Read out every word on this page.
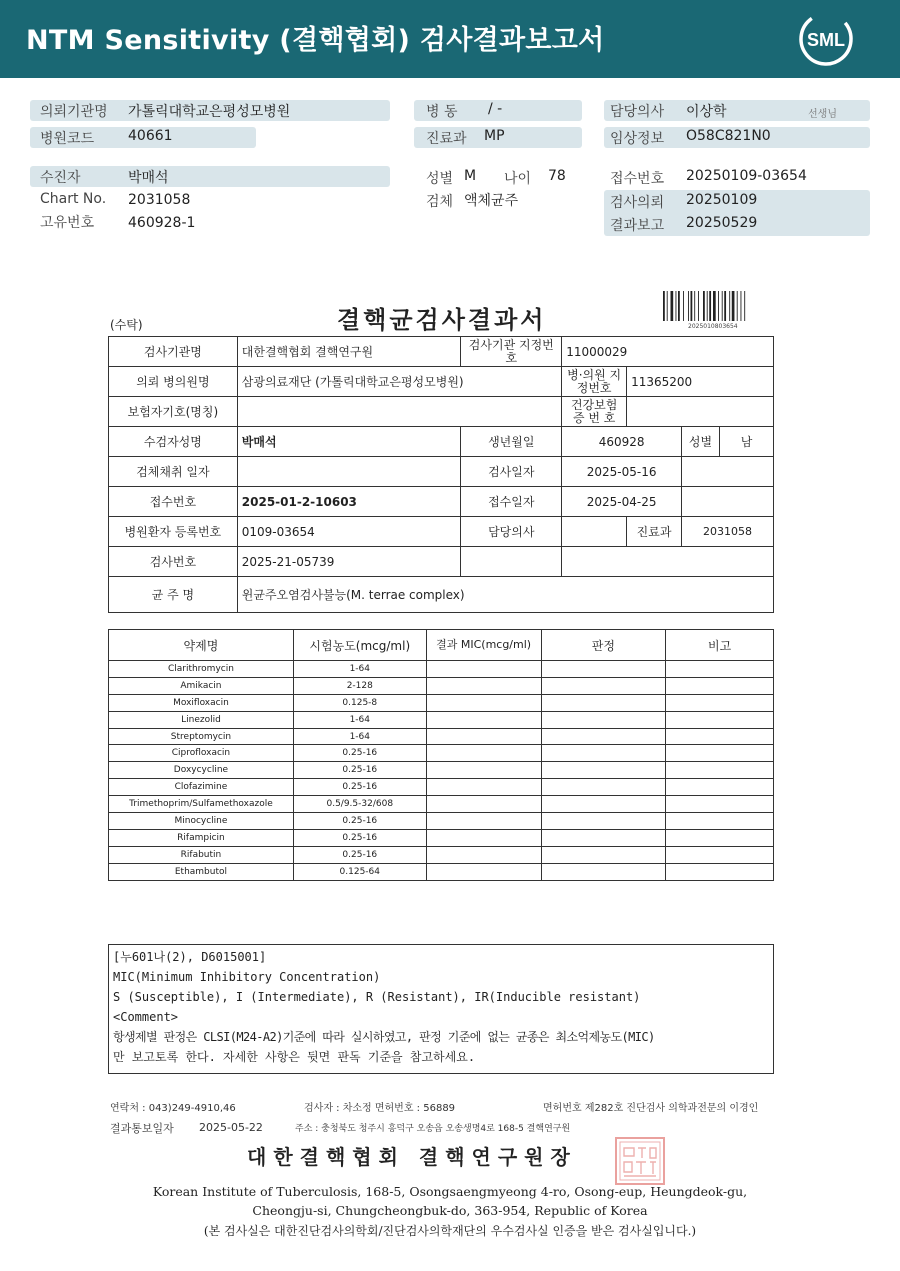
NTM Sensitivity (결핵협회) 검사결과보고서	SML
의뢰기관명 가톨릭대학교은평성모병원
병원코드 40661
수진자	박매석
Chart No. 2031058
고유번호 460928-1
병 동 / -
진료과 MP
성별 M 나이 78
검체 액체균주
담당의사 이상학	선생님
임상정보 O58C821N0
접수번호 20250109-03654
검사의뢰 20250109
결과보고 20250529
(수탁)	결핵균검사결과서	2025010803654
검사기관명	대한결핵협회 결핵연구원	검사기관 지정번호	11000029			
의뢰 병의원명	삼광의료재단 (가톨릭대학교은평성모병원)		병·의원 지정번호	11365200		
보험자기호(명칭)			건강보험 증 번 호			
수검자성명	박매석	생년월일	460928		성별	남
검체채취 일자		검사일자	2025-05-16			
접수번호	2025-01-2-10603	접수일자	2025-04-25			
병원환자 등록번호	0109-03654	담당의사		진료과	2031058	
검사번호	2025-21-05739					
균 주 명	윈균주오염검사불능(M. terrae complex)					
약제명	시험농도(mcg/ml)	결과 MIC(mcg/ml)	판정	비고
Clarithromycin	1-64			
Amikacin	2-128			
Moxifloxacin	0.125-8			
Linezolid	1-64			
Streptomycin	1-64			
Ciprofloxacin	0.25-16			
Doxycycline	0.25-16			
Clofazimine	0.25-16			
Trimethoprim/Sulfamethoxazole	0.5/9.5-32/608			
Minocycline	0.25-16			
Rifampicin	0.25-16			
Rifabutin	0.25-16			
Ethambutol	0.125-64			
[누601나(2), D6015001]
MIC(Minimum Inhibitory Concentration)
S (Susceptible), I (Intermediate), R (Resistant), IR(Inducible resistant)
<Comment>
항생제별 판정은 CLSI(M24-A2)기준에 따라 실시하였고, 판정 기준에 없는 균종은 최소억제농도(MIC)
만 보고토록 한다. 자세한 사항은 뒷면 판독 기준을 참고하세요.
연락처 : 043)249-4910,46	검사자 : 차소정 면허번호 : 56889	면허번호 제282호 진단검사 의학과전문의 이경인
결과통보일자 2025-05-22	주소 : 충청북도 청주시 흥덕구 오송읍 오송생명4로 168-5 결핵연구원
대한결핵협회 결핵연구원장
Korean Institute of Tuberculosis, 168-5, Osongsaengmyeong 4-ro, Osong-eup, Heungdeok-gu,
Cheongju-si, Chungcheongbuk-do, 363-954, Republic of Korea
(본 검사실은 대한진단검사의학회/진단검사의학재단의 우수검사실 인증을 받은 검사실입니다.)
